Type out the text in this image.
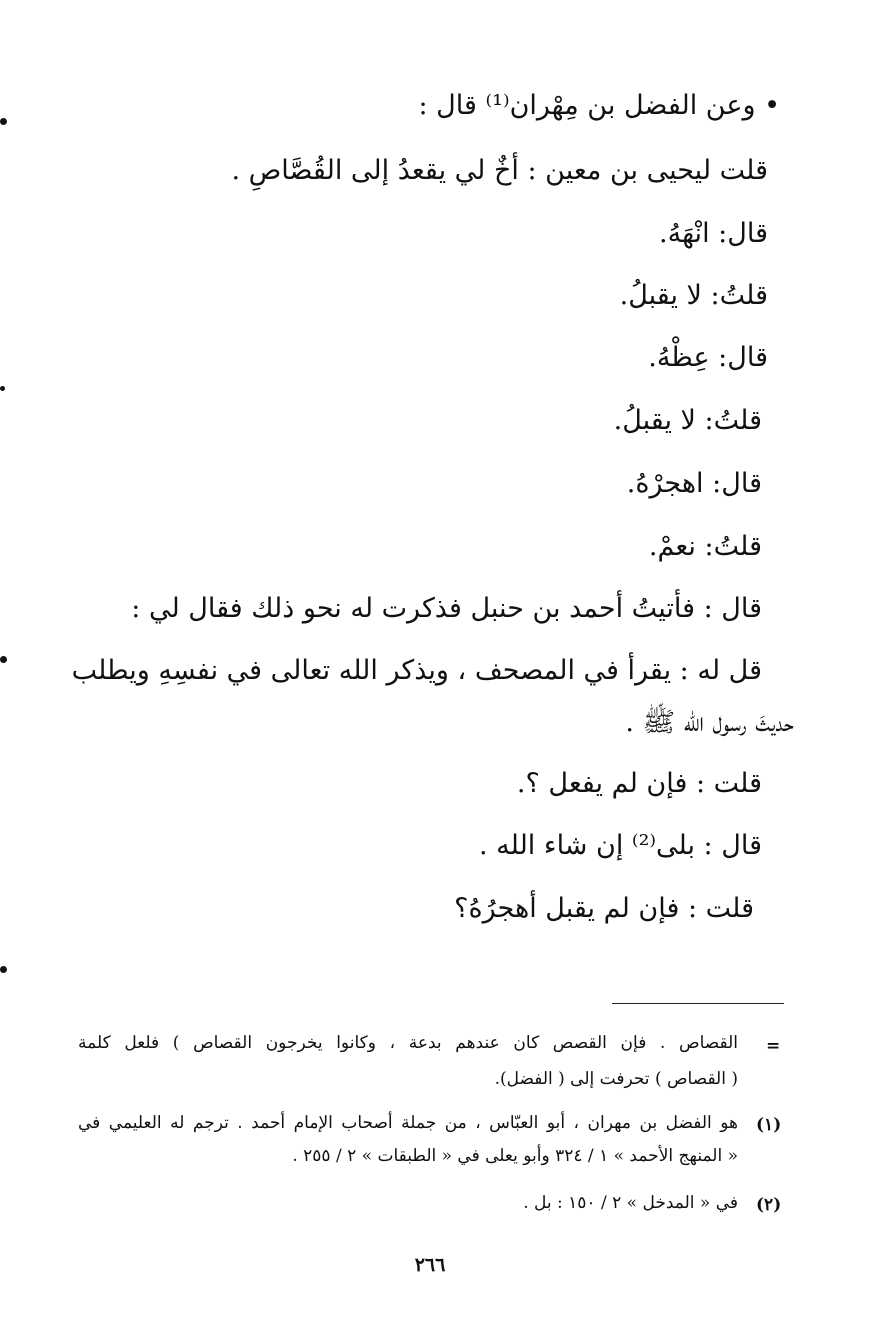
• وعن الفضل بن مِهْران⁽¹⁾ قال :
قلت ليحيى بن معين : أخٌ لي يقعدُ إلى القُصَّاصِ .
قال: انْهَهُ.
قلتُ: لا يقبلُ.
قال: عِظْهُ.
قلتُ: لا يقبلُ.
قال: اهجرْهُ.
قلتُ: نعمْ.
قال : فأتيتُ أحمد بن حنبل فذكرت له نحو ذلك فقال لي :
قل له : يقرأ في المصحف ، ويذكر الله تعالى في نفسِهِ ويطلب
حديثَ رسول الله ﷺ .
قلت : فإن لم يفعل ؟.
قال : بلى⁽²⁾ إن شاء الله .
قلت : فإن لم يقبل أهجرُهُ؟
=
القصاص . فإن القصص كان عندهم بدعة ، وكانوا يخرجون القصاص ) فلعل كلمة
( القصاص ) تحرفت إلى ( الفضل).
(١)
هو الفضل بن مهران ، أبو العبّاس ، من جملة أصحاب الإمام أحمد . ترجم له العليمي في
« المنهج الأحمد » ١ / ٣٢٤ وأبو يعلى في « الطبقات » ٢ / ٢٥٥ .
(٢)
في « المدخل » ٢ / ١٥٠ : بل .
٢٦٦
